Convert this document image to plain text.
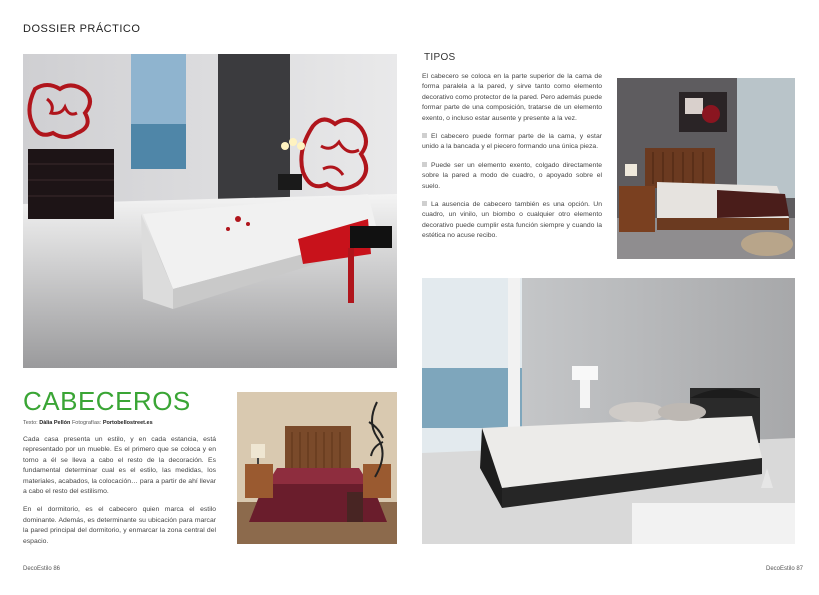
DOSSIER PRÁCTICO
CABECEROS
Texto: Dàlia Pellón Fotografías: Portobellostreet.es

Cada casa presenta un estilo, y en cada estancia, está representado por un mueble. Es el primero que se coloca y en torno a él se lleva a cabo el resto de la decoración. Es fundamental determinar cual es el estilo, las medidas, los materiales, acabados, la colocación… para a partir de ahí llevar a cabo el resto del estilismo.

En el dormitorio, es el cabecero quien marca el estilo dominante. Además, es determinante su ubicación para marcar la pared principal del dormitorio, y enmarcar la zona central del espacio.

DecoEstilo 86
TIPOS

El cabecero se coloca en la parte superior de la cama de forma paralela a la pared, y sirve tanto como elemento decorativo como protector de la pared. Pero además puede formar parte de una composición, tratarse de un elemento exento, o incluso estar ausente y presente a la vez.

El cabecero puede formar parte de la cama, y estar unido a la bancada y el piecero formando una única pieza.

Puede ser un elemento exento, colgado directamente sobre la pared a modo de cuadro, o apoyado sobre el suelo.

La ausencia de cabecero también es una opción. Un cuadro, un vinilo, un biombo o cualquier otro elemento decorativo puede cumplir esta función siempre y cuando la estética no acuse recibo.

DecoEstilo 87
